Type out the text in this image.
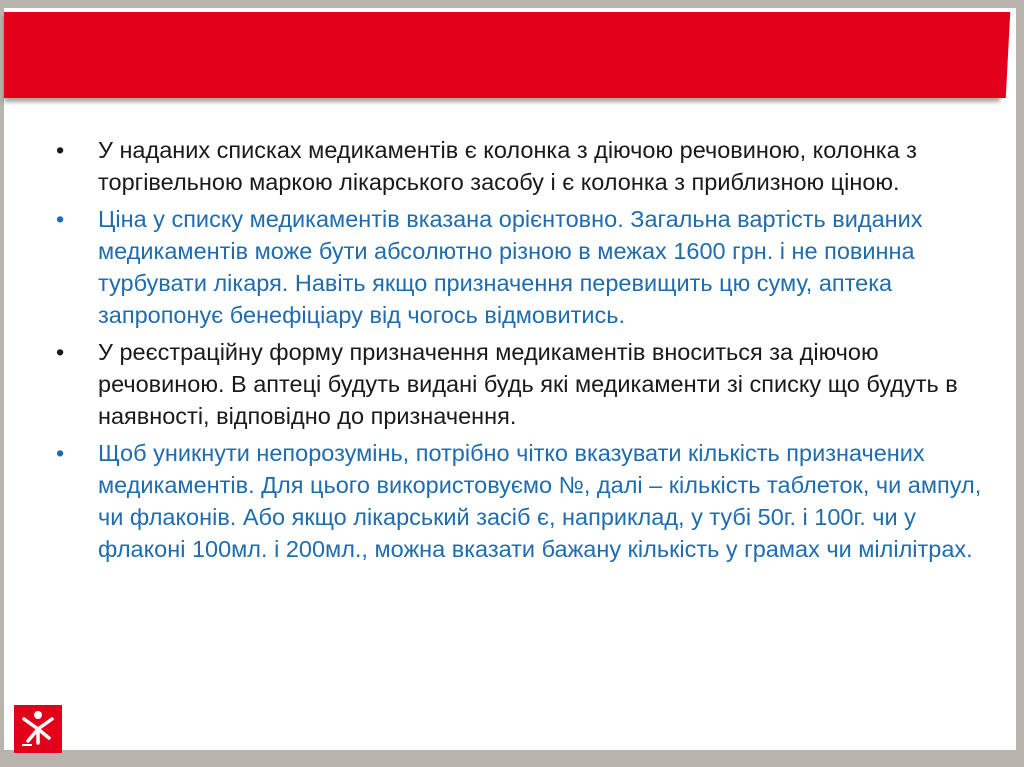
• У наданих списках медикаментів є колонка з діючою речовиною, колонка з торгівельною маркою лікарського засобу і є колонка з приблизною ціною.
• Ціна у списку медикаментів вказана орієнтовно. Загальна вартість виданих медикаментів може бути абсолютно різною в межах 1600 грн. і не повинна турбувати лікаря. Навіть якщо призначення перевищить цю суму, аптека запропонує бенефіціару від чогось відмовитись.
• У реєстраційну форму призначення медикаментів вноситься за діючою речовиною. В аптеці будуть видані будь які медикаменти зі списку що будуть в наявності, відповідно до призначення.
• Щоб уникнути непорозумінь, потрібно чітко вказувати кількість призначених медикаментів. Для цього використовуємо №, далі – кількість таблеток, чи ампул, чи флаконів. Або якщо лікарський засіб є, наприклад, у тубі 50г. і 100г. чи у флаконі 100мл. і 200мл., можна вказати бажану кількість у грамах чи мілілітрах.
